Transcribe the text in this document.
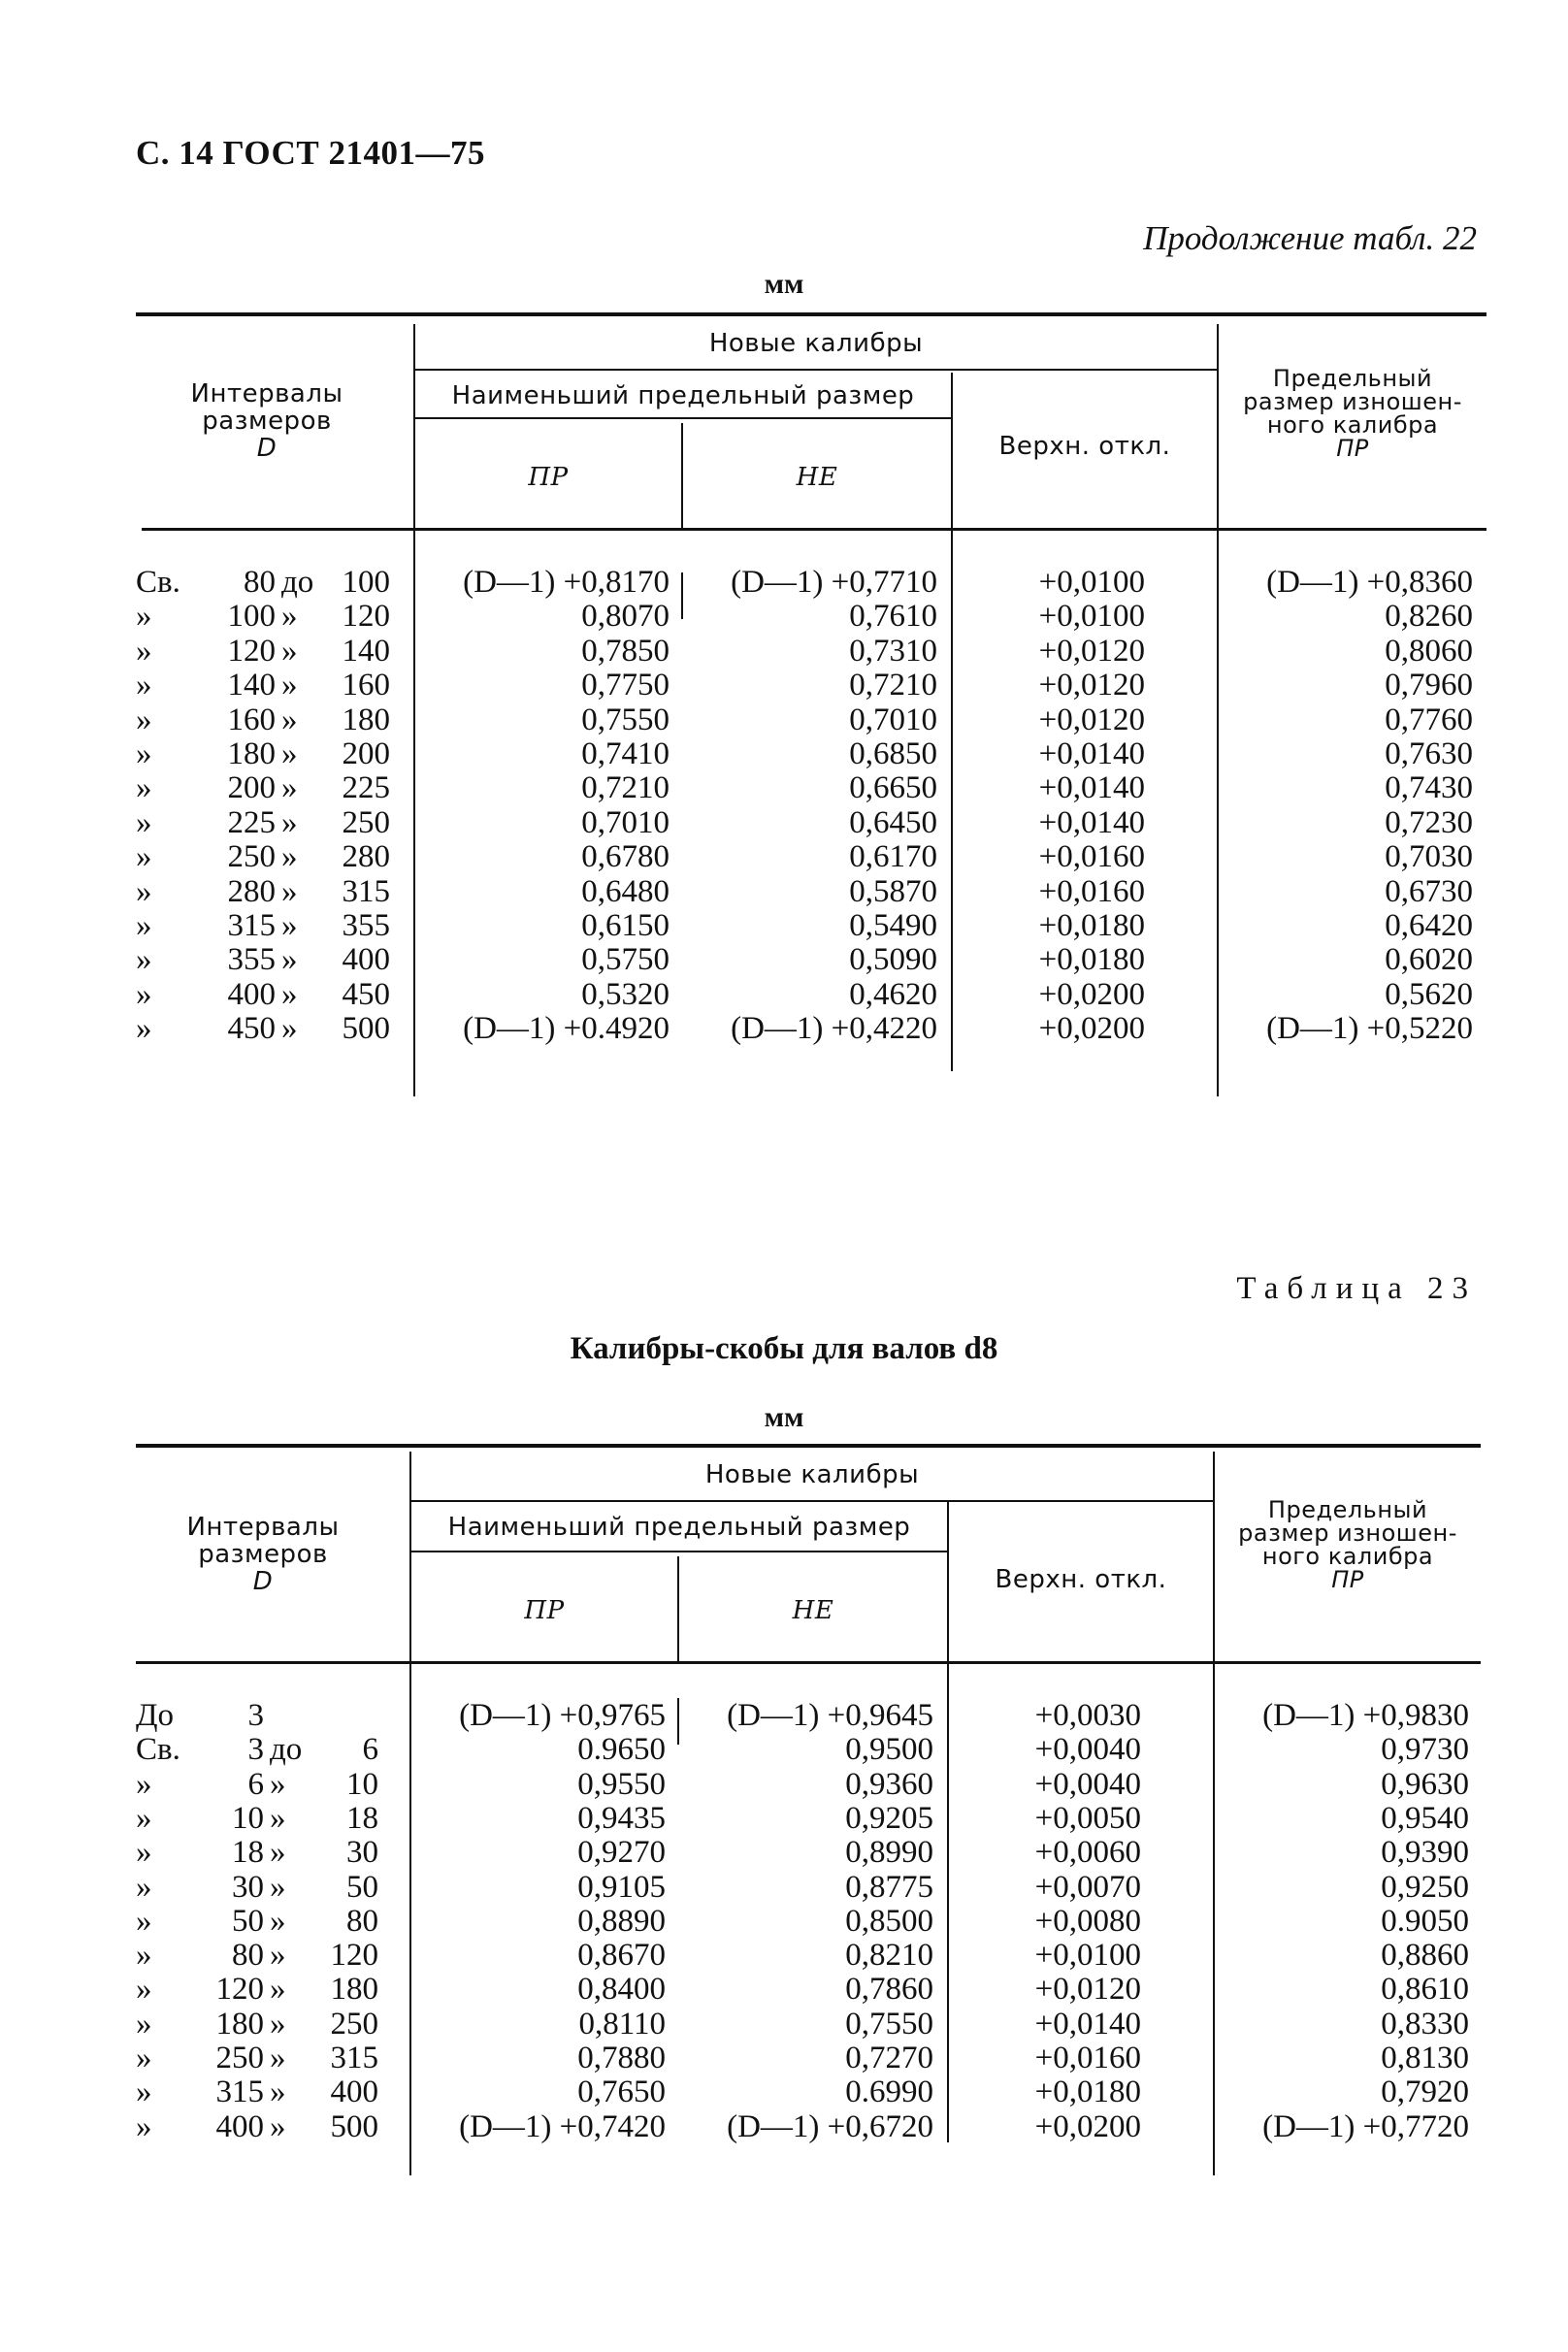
С. 14 ГОСТ 21401—75
Продолжение табл. 22
мм
Интервалы
размеров
D
Новые калибры
Наименьший предельный размер
ПР	НЕ
Верхн. откл.
Предельный
размер изношен-
ного калибра
ПР
Св.	80 до 100	(D—1) +0,8170	(D—1) +0,7710	+0,0100	(D—1) +0,8360
»	100 »	120	0,8070	0,7610	+0,0100	0,8260
»	120 »	140	0,7850	0,7310	+0,0120	0,8060
»	140 »	160	0,7750	0,7210	+0,0120	0,7960
»	160 »	180	0,7550	0,7010	+0,0120	0,7760
»	180 »	200	0,7410	0,6850	+0,0140	0,7630
»	200 »	225	0,7210	0,6650	+0,0140	0,7430
»	225 »	250	0,7010	0,6450	+0,0140	0,7230
»	250 »	280	0,6780	0,6170	+0,0160	0,7030
»	280 »	315	0,6480	0,5870	+0,0160	0,6730
»	315 »	355	0,6150	0,5490	+0,0180	0,6420
»	355 »	400	0,5750	0,5090	+0,0180	0,6020
»	400 »	450	0,5320	0,4620	+0,0200	0,5620
»	450 »	500	(D—1) +0.4920	(D—1) +0,4220	+0,0200	(D—1) +0,5220
Таблица 23
Калибры-скобы для валов d8
мм
Интервалы
размеров
D
Новые калибры
Наименьший предельный размер
ПР	НЕ
Верхн. откл.
Предельный
размер изношен-
ного калибра
ПР
До	3	(D—1) +0,9765	(D—1) +0,9645	+0,0030	(D—1) +0,9830
Св.	3 до	6	0.9650	0,9500	+0,0040	0,9730
»	6 »	10	0,9550	0,9360	+0,0040	0,9630
»	10 »	18	0,9435	0,9205	+0,0050	0,9540
»	18 »	30	0,9270	0,8990	+0,0060	0,9390
»	30 »	50	0,9105	0,8775	+0,0070	0,9250
»	50 »	80	0,8890	0,8500	+0,0080	0.9050
»	80 »	120	0,8670	0,8210	+0,0100	0,8860
»	120 »	180	0,8400	0,7860	+0,0120	0,8610
»	180 »	250	0,8110	0,7550	+0,0140	0,8330
»	250 »	315	0,7880	0,7270	+0,0160	0,8130
»	315 »	400	0,7650	0.6990	+0,0180	0,7920
»	400 »	500	(D—1) +0,7420	(D—1) +0,6720	+0,0200	(D—1) +0,7720
